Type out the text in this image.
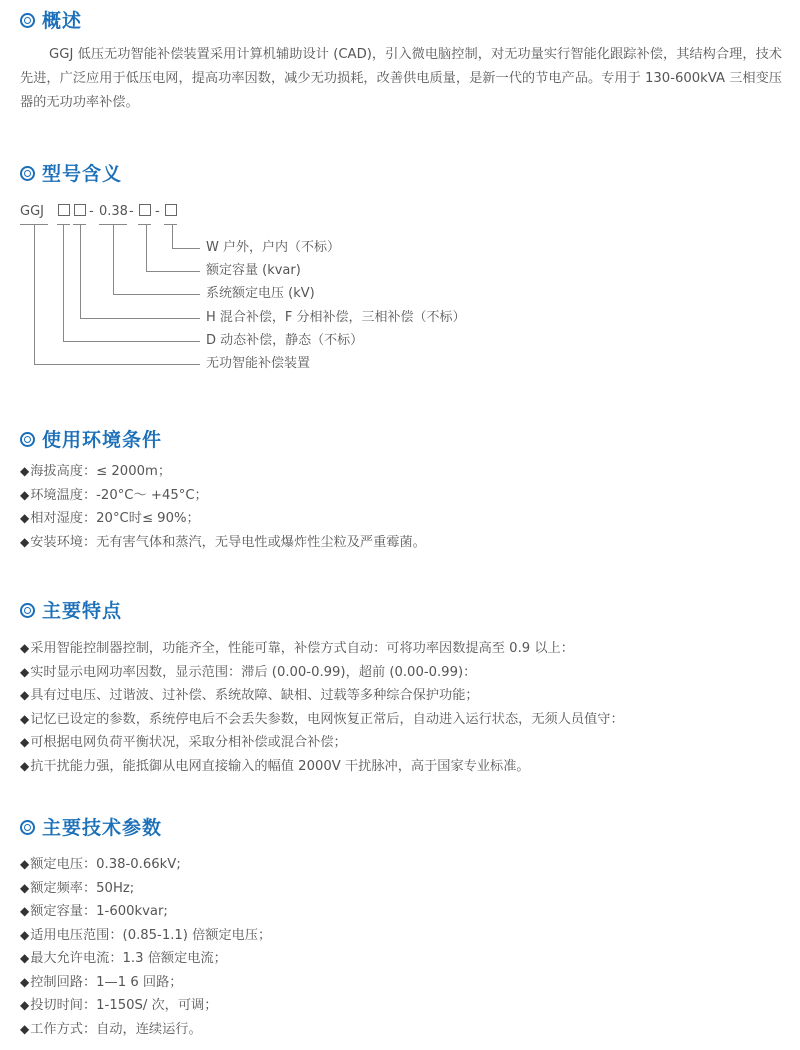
概述
GGJ 低压无功智能补偿装置采用计算机辅助设计 (CAD)，引入微电脑控制，对无功量实行智能化跟踪补偿，其结构合理，技术先进，广泛应用于低压电网，提高功率因数，减少无功损耗，改善供电质量，是新一代的节电产品。专用于 130-600kVA 三相变压器的无功功率补偿。
型号含义
GGJ	- 0.38 - -
W 户外，户内（不标）
额定容量 (kvar)
系统额定电压 (kV)
H 混合补偿，F 分相补偿，三相补偿（不标）
D 动态补偿，静态（不标）
无功智能补偿装置
使用环境条件
◆海拔高度：≤ 2000m；
◆环境温度：-20°C～ +45°C；
◆相对湿度：20°C时≤ 90%；
◆安装环境：无有害气体和蒸汽，无导电性或爆炸性尘粒及严重霉菌。
主要特点
◆采用智能控制器控制，功能齐全，性能可靠，补偿方式自动：可将功率因数提高至 0.9 以上：
◆实时显示电网功率因数，显示范围：滞后 (0.00-0.99)，超前 (0.00-0.99)：
◆具有过电压、过谐波、过补偿、系统故障、缺相、过载等多种综合保护功能；
◆记忆已设定的参数，系统停电后不会丢失参数，电网恢复正常后，自动进入运行状态，无须人员值守：
◆可根据电网负荷平衡状况，采取分相补偿或混合补偿；
◆抗干扰能力强，能抵御从电网直接输入的幅值 2000V 干扰脉冲，高于国家专业标准。
主要技术参数
◆额定电压：0.38-0.66kV;
◆额定频率：50Hz;
◆额定容量：1-600kvar;
◆适用电压范围：(0.85-1.1) 倍额定电压；
◆最大允许电流：1.3 倍额定电流；
◆控制回路：1—1 6 回路；
◆投切时间：1-150S/ 次，可调；
◆工作方式：自动，连续运行。
